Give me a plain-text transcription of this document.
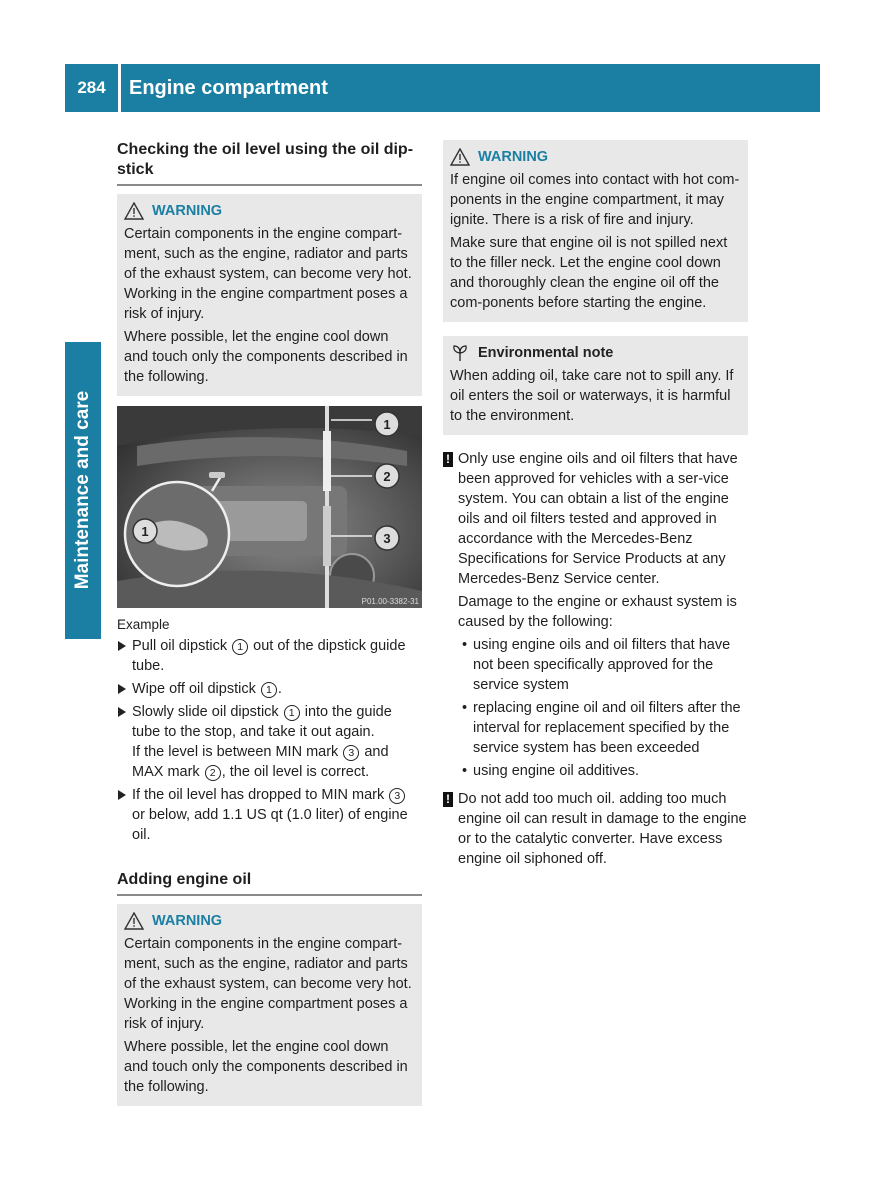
284	Engine compartment
Maintenance and care
Checking the oil level using the oil dip-stick
WARNING

Certain components in the engine compart-ment, such as the engine, radiator and parts of the exhaust system, can become very hot. Working in the engine compartment poses a risk of injury.

Where possible, let the engine cool down and touch only the components described in the following.

1
2
3
1
P01.00-3382-31
Example
Pull oil dipstick 1 out of the dipstick guide tube.
Wipe off oil dipstick 1 .
Slowly slide oil dipstick 1 into the guide tube to the stop, and take it out again.
If the level is between MIN mark 3 and MAX mark 2 , the oil level is correct.
If the oil level has dropped to MIN mark 3 or below, add 1.1 US qt (1.0 liter) of engine oil.
Adding engine oil
WARNING

Certain components in the engine compart-ment, such as the engine, radiator and parts of the exhaust system, can become very hot. Working in the engine compartment poses a risk of injury.

Where possible, let the engine cool down and touch only the components described in the following.

WARNING

If engine oil comes into contact with hot com-ponents in the engine compartment, it may ignite. There is a risk of fire and injury.

Make sure that engine oil is not spilled next to the filler neck. Let the engine cool down and thoroughly clean the engine oil off the com-ponents before starting the engine.

Environmental note

When adding oil, take care not to spill any. If oil enters the soil or waterways, it is harmful to the environment.

! Only use engine oils and oil filters that have been approved for vehicles with a ser-vice system. You can obtain a list of the engine oils and oil filters tested and approved in accordance with the Mercedes-Benz Specifications for Service Products at any Mercedes-Benz Service center.

Damage to the engine or exhaust system is caused by the following:

• using engine oils and oil filters that have not been specifically approved for the service system
• replacing engine oil and oil filters after the interval for replacement specified by the service system has been exceeded
• using engine oil additives.
! Do not add too much oil. adding too much engine oil can result in damage to the engine or to the catalytic converter. Have excess engine oil siphoned off.
